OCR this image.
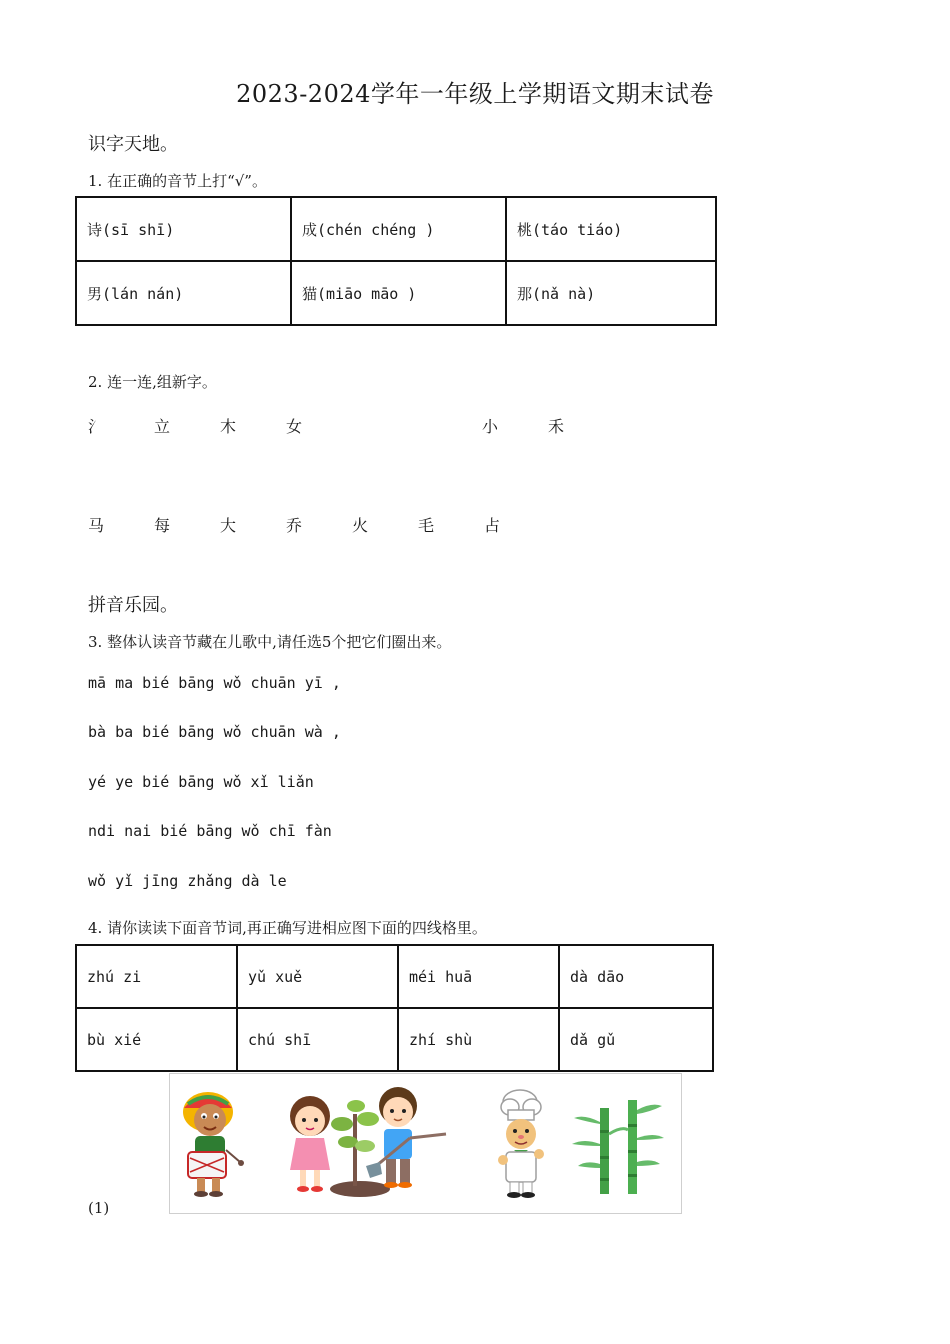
2023-2024学年一年级上学期语文期末试卷
识字天地。
1. 在正确的音节上打“√”。
诗(sī shī)	成(chén chéng )	桃(táo tiáo)
男(lán nán)	猫(miāo māo )	那(nǎ nà)
2. 连一连,组新字。
氵	立	木	女	小	禾
马	每	大	乔	火	毛	占
拼音乐园。
3. 整体认读音节藏在儿歌中,请任选5个把它们圈出来。
mā ma bié bāng wǒ chuān yī ,
bà ba bié bāng wǒ chuān wà ,
yé ye bié bāng wǒ xǐ liǎn
ndi nai bié bāng wǒ chī fàn
wǒ yǐ jīng zhǎng dà le
4. 请你读读下面音节词,再正确写进相应图下面的四线格里。
zhú zi	yǔ xuě	méi huā	dà dāo
bù xié	chú shī	zhí shù	dǎ gǔ
(1)
